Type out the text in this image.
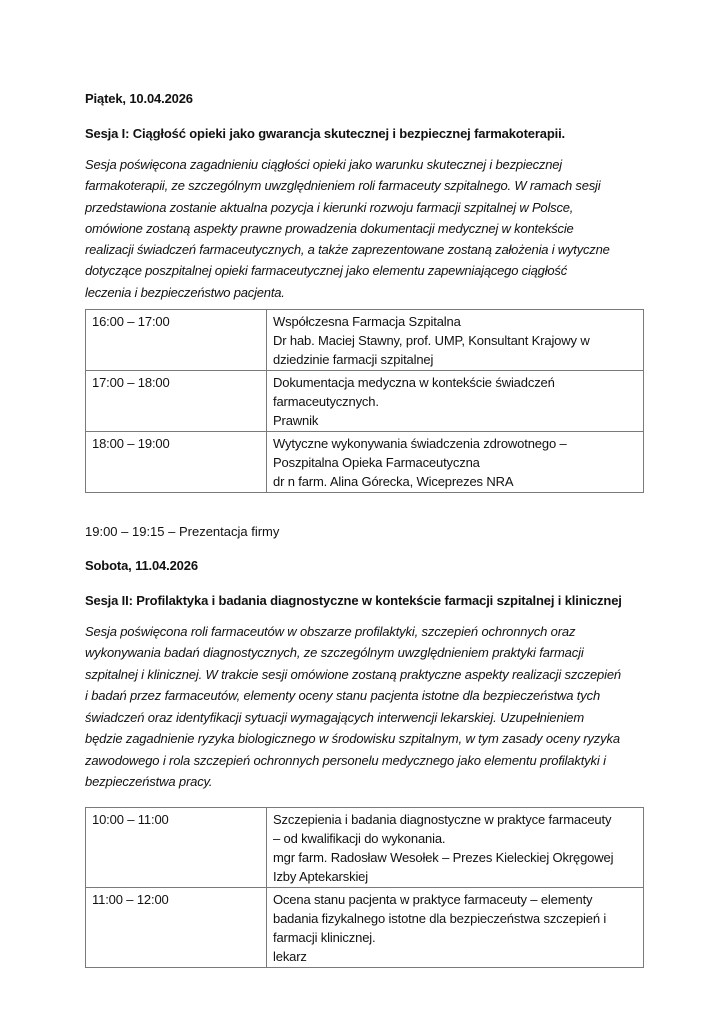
Piątek, 10.04.2026

Sesja I: Ciągłość opieki jako gwarancja skutecznej i bezpiecznej farmakoterapii.

Sesja poświęcona zagadnieniu ciągłości opieki jako warunku skutecznej i bezpiecznej
farmakoterapii, ze szczególnym uwzględnieniem roli farmaceuty szpitalnego. W ramach sesji
przedstawiona zostanie aktualna pozycja i kierunki rozwoju farmacji szpitalnej w Polsce,
omówione zostaną aspekty prawne prowadzenia dokumentacji medycznej w kontekście
realizacji świadczeń farmaceutycznych, a także zaprezentowane zostaną założenia i wytyczne
dotyczące poszpitalnej opieki farmaceutycznej jako elementu zapewniającego ciągłość
leczenia i bezpieczeństwo pacjenta.
16:00 – 17:00	Współczesna Farmacja Szpitalna
Dr hab. Maciej Stawny, prof. UMP, Konsultant Krajowy w
dziedzinie farmacji szpitalnej

17:00 – 18:00	Dokumentacja medyczna w kontekście świadczeń
farmaceutycznych.
Prawnik

18:00 – 19:00	Wytyczne wykonywania świadczenia zdrowotnego –
Poszpitalna Opieka Farmaceutyczna
dr n farm. Alina Górecka, Wiceprezes NRA

19:00 – 19:15 – Prezentacja firmy

Sobota, 11.04.2026

Sesja II: Profilaktyka i badania diagnostyczne w kontekście farmacji szpitalnej i klinicznej

Sesja poświęcona roli farmaceutów w obszarze profilaktyki, szczepień ochronnych oraz
wykonywania badań diagnostycznych, ze szczególnym uwzględnieniem praktyki farmacji
szpitalnej i klinicznej. W trakcie sesji omówione zostaną praktyczne aspekty realizacji szczepień
i badań przez farmaceutów, elementy oceny stanu pacjenta istotne dla bezpieczeństwa tych
świadczeń oraz identyfikacji sytuacji wymagających interwencji lekarskiej. Uzupełnieniem
będzie zagadnienie ryzyka biologicznego w środowisku szpitalnym, w tym zasady oceny ryzyka
zawodowego i rola szczepień ochronnych personelu medycznego jako elementu profilaktyki i
bezpieczeństwa pracy.
10:00 – 11:00	Szczepienia i badania diagnostyczne w praktyce farmaceuty
– od kwalifikacji do wykonania.
mgr farm. Radosław Wesołek – Prezes Kieleckiej Okręgowej
Izby Aptekarskiej

11:00 – 12:00	Ocena stanu pacjenta w praktyce farmaceuty – elementy
badania fizykalnego istotne dla bezpieczeństwa szczepień i
farmacji klinicznej.
lekarz
